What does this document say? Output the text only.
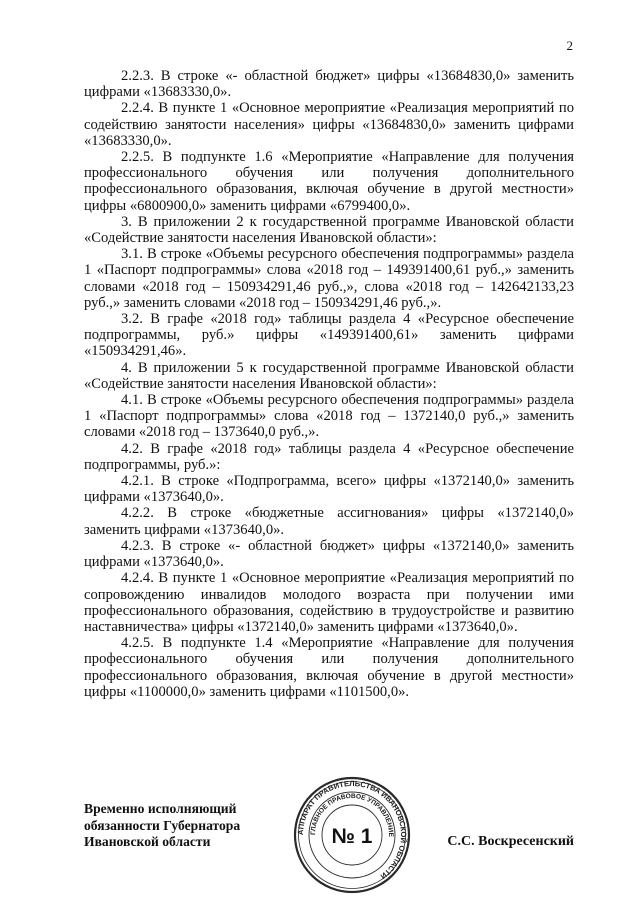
2

2.2.3. В строке «- областной бюджет» цифры «13684830,0» заменить цифрами «13683330,0».

2.2.4. В пункте 1 «Основное мероприятие «Реализация мероприятий по содействию занятости населения» цифры «13684830,0» заменить цифрами «13683330,0».

2.2.5. В подпункте 1.6 «Мероприятие «Направление для получения профессионального обучения или получения дополнительного профессионального образования, включая обучение в другой местности» цифры «6800900,0» заменить цифрами «6799400,0».

3. В приложении 2 к государственной программе Ивановской области «Содействие занятости населения Ивановской области»:

3.1. В строке «Объемы ресурсного обеспечения подпрограммы» раздела 1 «Паспорт подпрограммы» слова «2018 год – 149391400,61 руб.,» заменить словами «2018 год – 150934291,46 руб.,», слова «2018 год – 142642133,23 руб.,» заменить словами «2018 год – 150934291,46 руб.,».

3.2. В графе «2018 год» таблицы раздела 4 «Ресурсное обеспечение подпрограммы, руб.» цифры «149391400,61» заменить цифрами «150934291,46».

4. В приложении 5 к государственной программе Ивановской области «Содействие занятости населения Ивановской области»:

4.1. В строке «Объемы ресурсного обеспечения подпрограммы» раздела 1 «Паспорт подпрограммы» слова «2018 год – 1372140,0 руб.,» заменить словами «2018 год – 1373640,0 руб.,».

4.2. В графе «2018 год» таблицы раздела 4 «Ресурсное обеспечение подпрограммы, руб.»:

4.2.1. В строке «Подпрограмма, всего» цифры «1372140,0» заменить цифрами «1373640,0».

4.2.2. В строке «бюджетные ассигнования» цифры «1372140,0» заменить цифрами «1373640,0».

4.2.3. В строке «- областной бюджет» цифры «1372140,0» заменить цифрами «1373640,0».

4.2.4. В пункте 1 «Основное мероприятие «Реализация мероприятий по сопровождению инвалидов молодого возраста при получении ими профессионального образования, содействию в трудоустройстве и развитию наставничества» цифры «1372140,0» заменить цифрами «1373640,0».

4.2.5. В подпункте 1.4 «Мероприятие «Направление для получения профессионального обучения или получения дополнительного профессионального образования, включая обучение в другой местности» цифры «1100000,0» заменить цифрами «1101500,0».

Временно исполняющий
обязанности Губернатора
Ивановской области
АППАРАТ ПРАВИТЕЛЬСТВА ИВАНОВСКОЙ ОБЛАСТИ
ГЛАВНОЕ ПРАВОВОЕ УПРАВЛЕНИЕ
№ 1	С.С. Воскресенский
